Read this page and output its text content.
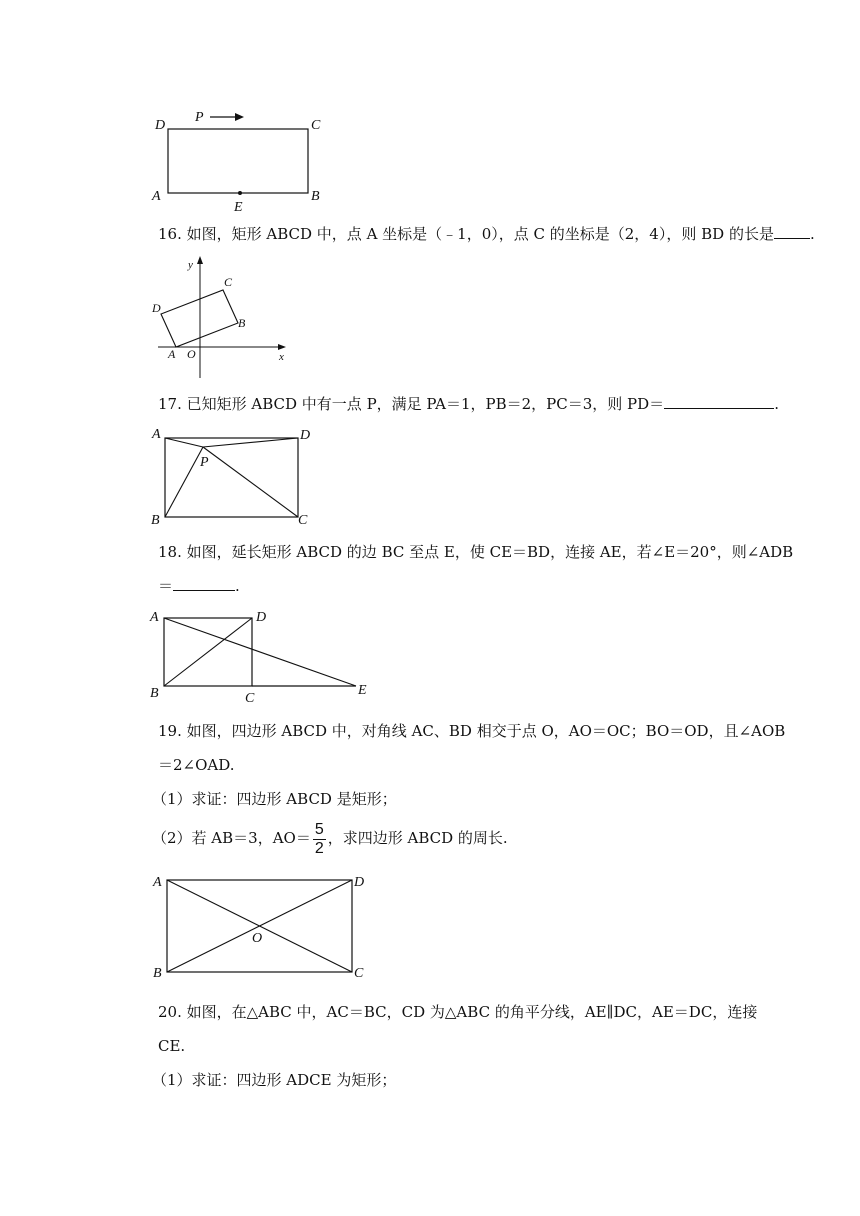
D
P
C
A
E
B
16. 如图，矩形 ABCD 中，点 A 坐标是（﹣1，0），点 C 的坐标是（2，4），则 BD 的长是 .
y
x
C
D
B
A O
17. 已知矩形 ABCD 中有一点 P，满足 PA＝1，PB＝2，PC＝3，则 PD＝	.
A	D
P
B	C
18. 如图，延长矩形 ABCD 的边 BC 至点 E，使 CE＝BD，连接 AE，若∠E＝20°，则∠ADB
＝	.
A	D
B	C
E
19. 如图，四边形 ABCD 中，对角线 AC、BD 相交于点 O，AO＝OC；BO＝OD，且∠AOB
＝2∠OAD.
（1）求证：四边形 ABCD 是矩形；
（2）若 AB＝3，$AO= \frac{5}{2}$ ，求四边形 ABCD 的周长.
A	D
O
B	C
20. 如图，在△ABC 中，AC＝BC，CD 为△ABC 的角平分线，AE∥DC，AE＝DC，连接
CE.
（1）求证：四边形 ADCE 为矩形；
